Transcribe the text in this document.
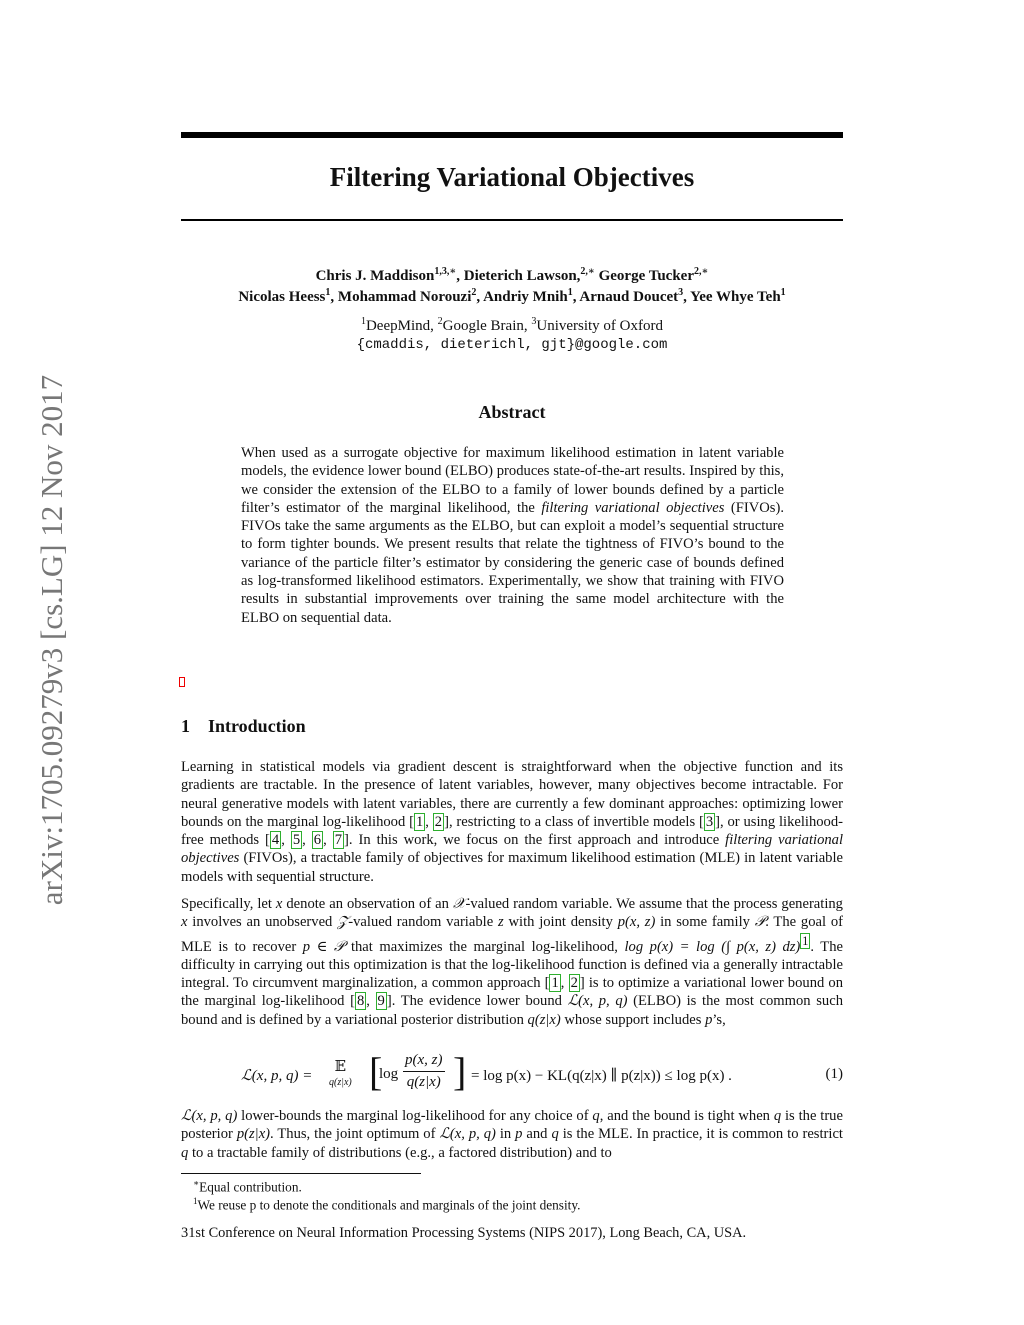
arXiv:1705.09279v3 [cs.LG] 12 Nov 2017
Filtering Variational Objectives
Chris J. Maddison$^{1,3,∗}$, Dieterich Lawson,$^{2,∗}$ George Tucker$^{2,∗}$
Nicolas Heess$^1$, Mohammad Norouzi$^2$, Andriy Mnih$^1$, Arnaud Doucet$^3$, Yee Whye Teh$^1$
$^1$DeepMind, $^2$Google Brain, $^3$University of Oxford
{cmaddis, dieterichl, gjt}@google.com
Abstract
When used as a surrogate objective for maximum likelihood estimation in latent variable models, the evidence lower bound (ELBO) produces state-of-the-art results. Inspired by this, we consider the extension of the ELBO to a family of lower bounds defined by a particle filter’s estimator of the marginal likelihood, the filtering variational objectives (FIVOs). FIVOs take the same arguments as the ELBO, but can exploit a model’s sequential structure to form tighter bounds. We present results that relate the tightness of FIVO’s bound to the variance of the particle filter’s estimator by considering the generic case of bounds defined as log-transformed likelihood estimators. Experimentally, we show that training with FIVO results in substantial improvements over training the same model architecture with the ELBO on sequential data.
1 Introduction
Learning in statistical models via gradient descent is straightforward when the objective function and its gradients are tractable. In the presence of latent variables, however, many objectives become intractable. For neural generative models with latent variables, there are currently a few dominant approaches: optimizing lower bounds on the marginal log-likelihood [ 1 , 2 ], restricting to a class of invertible models [ 3 ], or using likelihood-free methods [ 4 , 5 , 6 , 7 ]. In this work, we focus on the first approach and introduce filtering variational objectives (FIVOs), a tractable family of objectives for maximum likelihood estimation (MLE) in latent variable models with sequential structure.
Specifically, let x denote an observation of an 𝒳-valued random variable. We assume that the process generating x involves an unobserved 𝒵-valued random variable z with joint density p(x, z) in some family 𝒫. The goal of MLE is to recover p ∈ 𝒫 that maximizes the marginal log-likelihood, log p(x) = log (∫ p(x, z) dz) $^1$ . The difficulty in carrying out this optimization is that the log-likelihood function is defined via a generally intractable integral. To circumvent marginalization, a common approach [ 1 , 2 ] is to optimize a variational lower bound on the marginal log-likelihood [ 8 , 9 ]. The evidence lower bound ℒ(x, p, q) (ELBO) is the most common such bound and is defined by a variational posterior distribution q(z|x) whose support includes p’s,
ℒ(x, p, q) =
𝔼
q(z|x) [
$\log \frac{p(x, z)}{q(z|x)}$ ] = log p(x) − KL(q(z|x) ∥ p(z|x)) ≤ log p(x) .	(1)
ℒ(x, p, q) lower-bounds the marginal log-likelihood for any choice of q, and the bound is tight when q is the true posterior p(z|x). Thus, the joint optimum of ℒ(x, p, q) in p and q is the MLE. In practice, it is common to restrict q to a tractable family of distributions (e.g., a factored distribution) and to
∗Equal contribution.
$^1$We reuse p to denote the conditionals and marginals of the joint density.
31st Conference on Neural Information Processing Systems (NIPS 2017), Long Beach, CA, USA.
